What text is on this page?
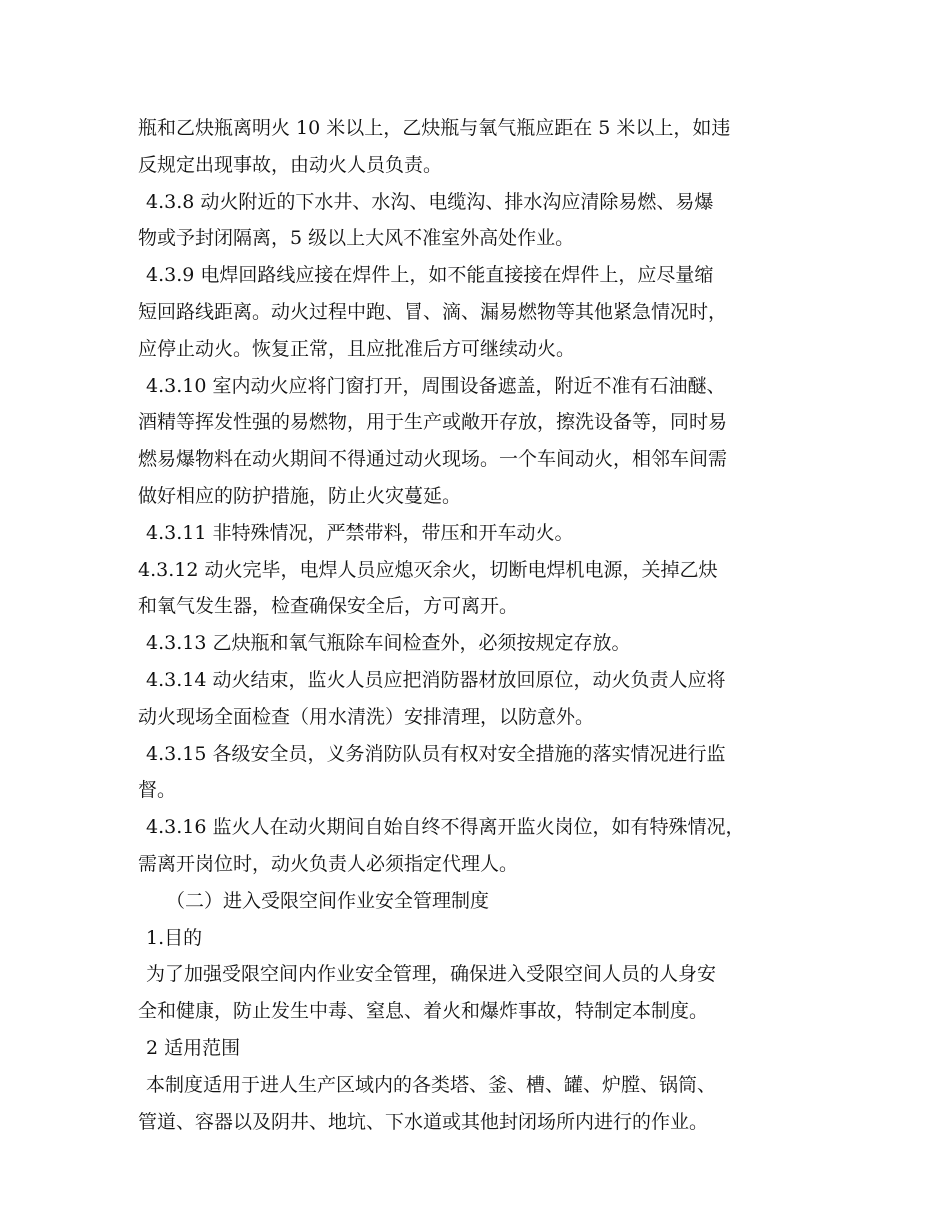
瓶和乙炔瓶离明火 10 米以上，乙炔瓶与氧气瓶应距在 5 米以上，如违
反规定出现事故，由动火人员负责。
4.3.8 动火附近的下水井、水沟、电缆沟、排水沟应清除易燃、易爆
物或予封闭隔离，5 级以上大风不准室外高处作业。
4.3.9 电焊回路线应接在焊件上，如不能直接接在焊件上，应尽量缩
短回路线距离。动火过程中跑、冒、滴、漏易燃物等其他紧急情况时，
应停止动火。恢复正常，且应批准后方可继续动火。
4.3.10 室内动火应将门窗打开，周围设备遮盖，附近不准有石油醚、
酒精等挥发性强的易燃物，用于生产或敞开存放，擦洗设备等，同时易
燃易爆物料在动火期间不得通过动火现场。一个车间动火，相邻车间需
做好相应的防护措施，防止火灾蔓延。
4.3.11 非特殊情况，严禁带料，带压和开车动火。
4.3.12 动火完毕，电焊人员应熄灭余火，切断电焊机电源，关掉乙炔
和氧气发生器，检查确保安全后，方可离开。
4.3.13 乙炔瓶和氧气瓶除车间检查外，必须按规定存放。
4.3.14 动火结束，监火人员应把消防器材放回原位，动火负责人应将
动火现场全面检查（用水清洗）安排清理，以防意外。
4.3.15 各级安全员，义务消防队员有权对安全措施的落实情况进行监
督。
4.3.16 监火人在动火期间自始自终不得离开监火岗位，如有特殊情况，
需离开岗位时，动火负责人必须指定代理人。
（二）进入受限空间作业安全管理制度
1.目的
为了加强受限空间内作业安全管理，确保进入受限空间人员的人身安
全和健康，防止发生中毒、窒息、着火和爆炸事故，特制定本制度。
2 适用范围
本制度适用于进人生产区域内的各类塔、釜、槽、罐、炉膛、锅筒、
管道、容器以及阴井、地坑、下水道或其他封闭场所内进行的作业。
